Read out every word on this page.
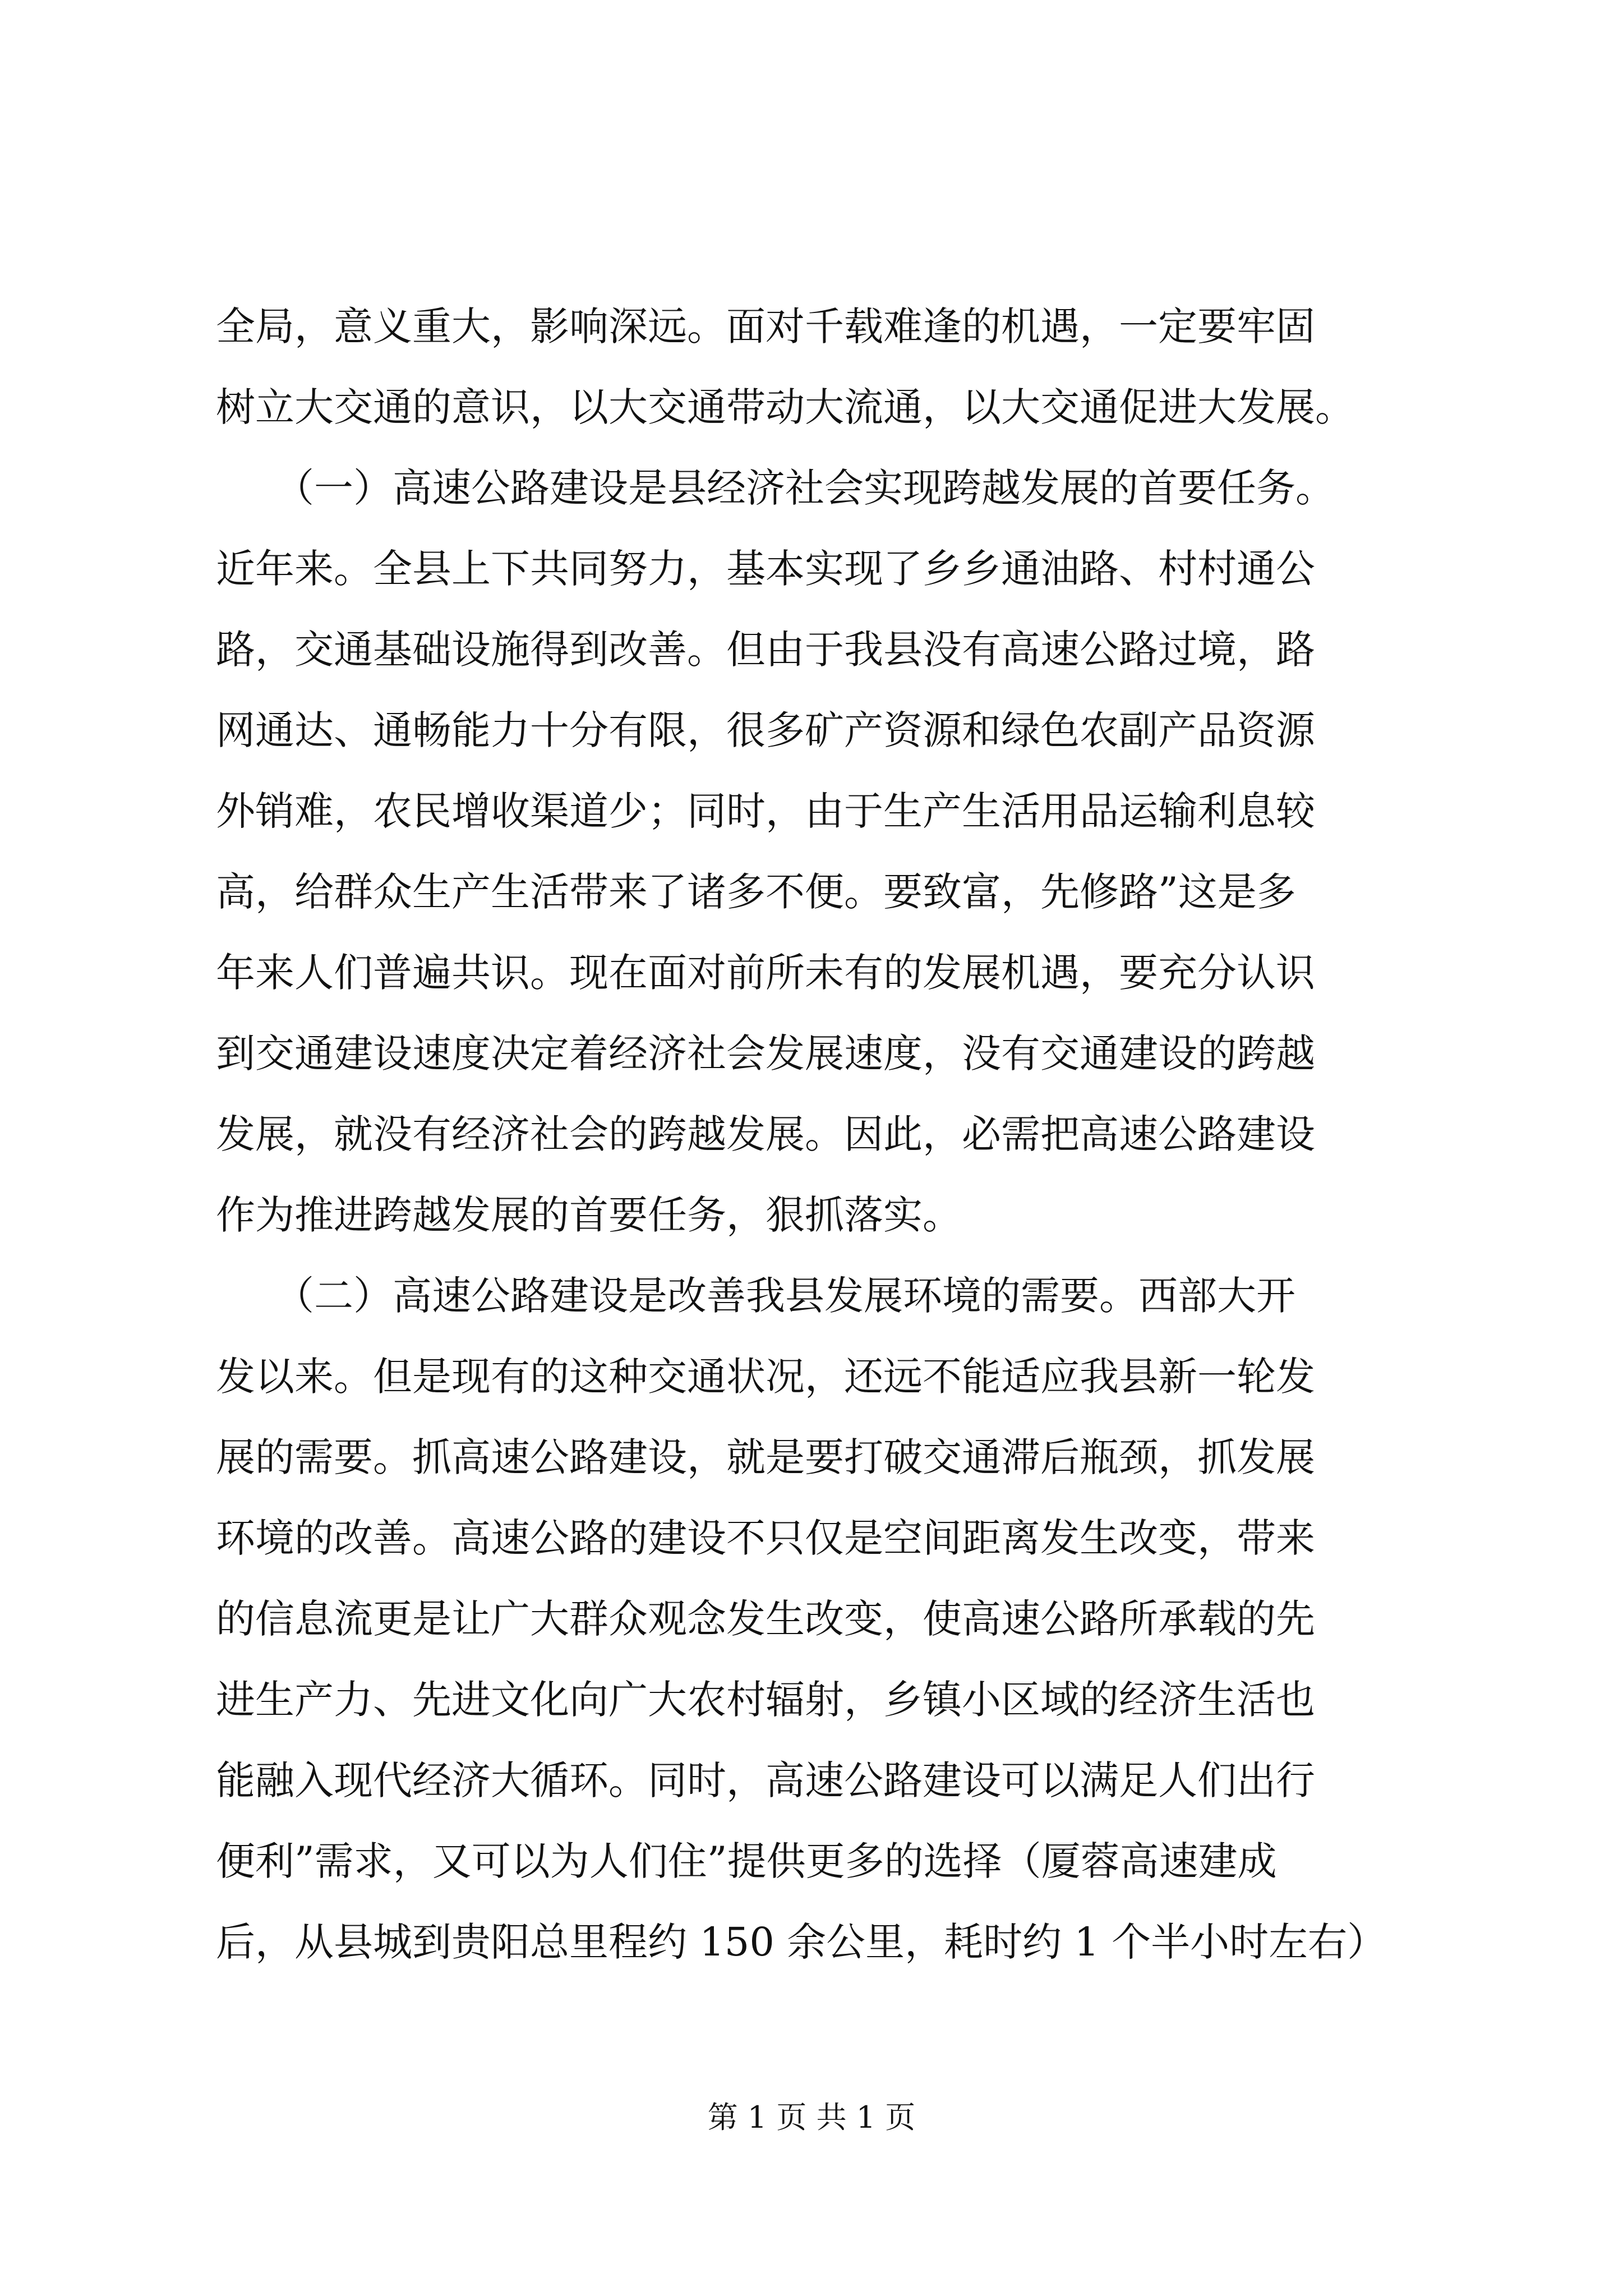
全局，意义重大，影响深远。面对千载难逢的机遇，一定要牢固
树立大交通的意识，以大交通带动大流通，以大交通促进大发展。
　　（一）高速公路建设是县经济社会实现跨越发展的首要任务。
近年来。全县上下共同努力，基本实现了乡乡通油路、村村通公
路，交通基础设施得到改善。但由于我县没有高速公路过境，路
网通达、通畅能力十分有限，很多矿产资源和绿色农副产品资源
外销难，农民增收渠道少；同时，由于生产生活用品运输利息较
高，给群众生产生活带来了诸多不便。要致富，先修路”这是多
年来人们普遍共识。现在面对前所未有的发展机遇，要充分认识
到交通建设速度决定着经济社会发展速度，没有交通建设的跨越
发展，就没有经济社会的跨越发展。因此，必需把高速公路建设
作为推进跨越发展的首要任务，狠抓落实。
　　（二）高速公路建设是改善我县发展环境的需要。西部大开
发以来。但是现有的这种交通状况，还远不能适应我县新一轮发
展的需要。抓高速公路建设，就是要打破交通滞后瓶颈，抓发展
环境的改善。高速公路的建设不只仅是空间距离发生改变，带来
的信息流更是让广大群众观念发生改变，使高速公路所承载的先
进生产力、先进文化向广大农村辐射，乡镇小区域的经济生活也
能融入现代经济大循环。同时，高速公路建设可以满足人们出行
便利”需求，又可以为人们住”提供更多的选择（厦蓉高速建成
后，从县城到贵阳总里程约 150 余公里，耗时约 1 个半小时左右）
第 1 页 共 1 页
